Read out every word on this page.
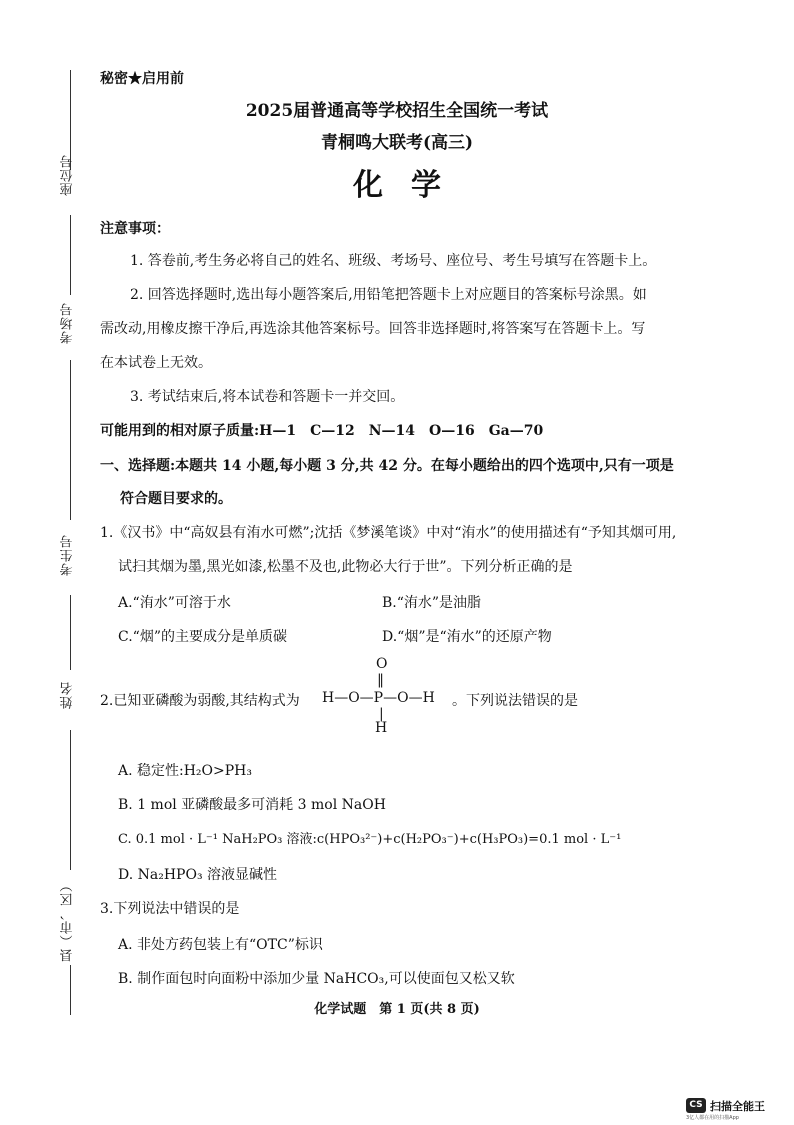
座位号
考场号
考生号
姓名
县（市、区）
秘密★启用前
2025届普通高等学校招生全国统一考试
青桐鸣大联考(高三)
化学
注意事项：
1. 答卷前,考生务必将自己的姓名、班级、考场号、座位号、考生号填写在答题卡上。
2. 回答选择题时,选出每小题答案后,用铅笔把答题卡上对应题目的答案标号涂黑。如
需改动,用橡皮擦干净后,再选涂其他答案标号。回答非选择题时,将答案写在答题卡上。写
在本试卷上无效。
3. 考试结束后,将本试卷和答题卡一并交回。
可能用到的相对原子质量:H—1　C—12　N—14　O—16　Ga—70
一、选择题:本题共 14 小题,每小题 3 分,共 42 分。在每小题给出的四个选项中,只有一项是
符合题目要求的。
1.《汉书》中“高奴县有洧水可燃”;沈括《梦溪笔谈》中对“洧水”的使用描述有“予知其烟可用,
试扫其烟为墨,黑光如漆,松墨不及也,此物必大行于世”。下列分析正确的是
A.“洧水”可溶于水	B.“洧水”是油脂
C.“烟”的主要成分是单质碳	D.“烟”是“洧水”的还原产物
2.已知亚磷酸为弱酸,其结构式为
O
‖
H—O—P—O—H
|
H
。下列说法错误的是
A. 稳定性:H₂O>PH₃
B. 1 mol 亚磷酸最多可消耗 3 mol NaOH
C. 0.1 mol · L⁻¹ NaH₂PO₃ 溶液:c(HPO₃²⁻)+c(H₂PO₃⁻)+c(H₃PO₃)=0.1 mol · L⁻¹
D. Na₂HPO₃ 溶液显碱性
3.下列说法中错误的是
A. 非处方药包装上有“OTC”标识
B. 制作面包时向面粉中添加少量 NaHCO₃,可以使面包又松又软
化学试题　第 1 页(共 8 页)
CS 扫描全能王
3亿人都在用的扫描App
